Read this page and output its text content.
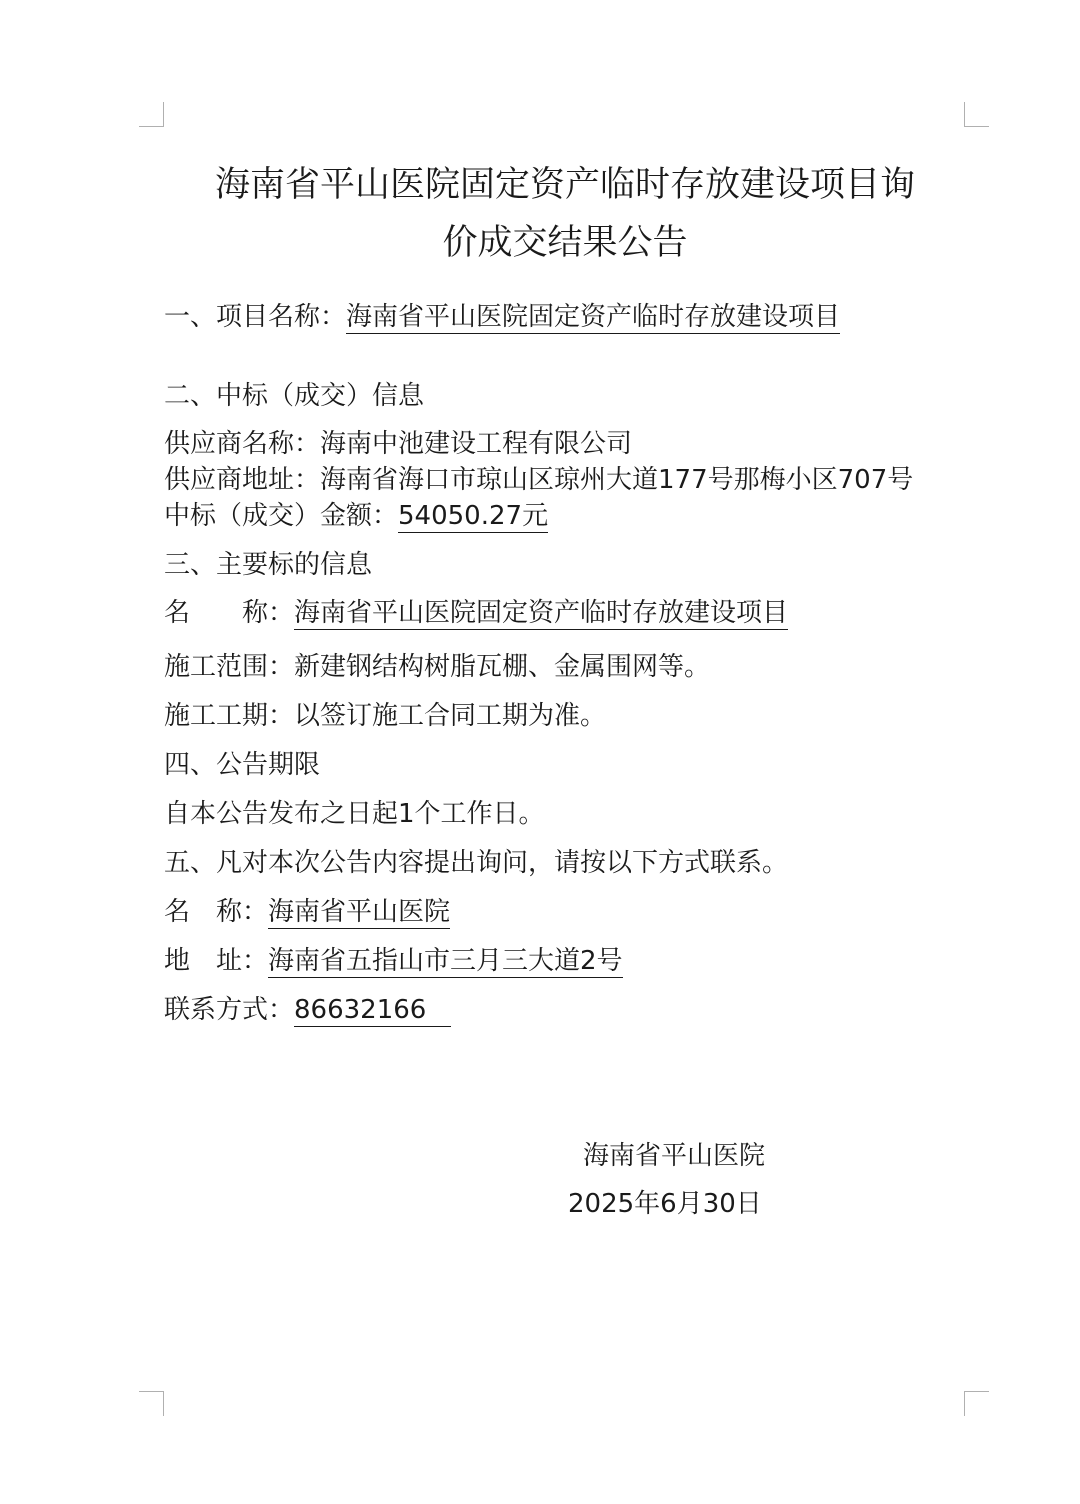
海南省平山医院固定资产临时存放建设项目询
价成交结果公告
一、项目名称：海南省平山医院固定资产临时存放建设项目
二、中标（成交）信息
供应商名称：海南中池建设工程有限公司
供应商地址：海南省海口市琼山区琼州大道177号那梅小区707号
中标（成交）金额：54050.27元
三、主要标的信息
名　　称：海南省平山医院固定资产临时存放建设项目
施工范围：新建钢结构树脂瓦棚、金属围网等。
施工工期：以签订施工合同工期为准。
四、公告期限
自本公告发布之日起1个工作日。
五、凡对本次公告内容提出询问，请按以下方式联系。
名　称：海南省平山医院
地　址：海南省五指山市三月三大道2号
联系方式：86632166
海南省平山医院
2025年6月30日
